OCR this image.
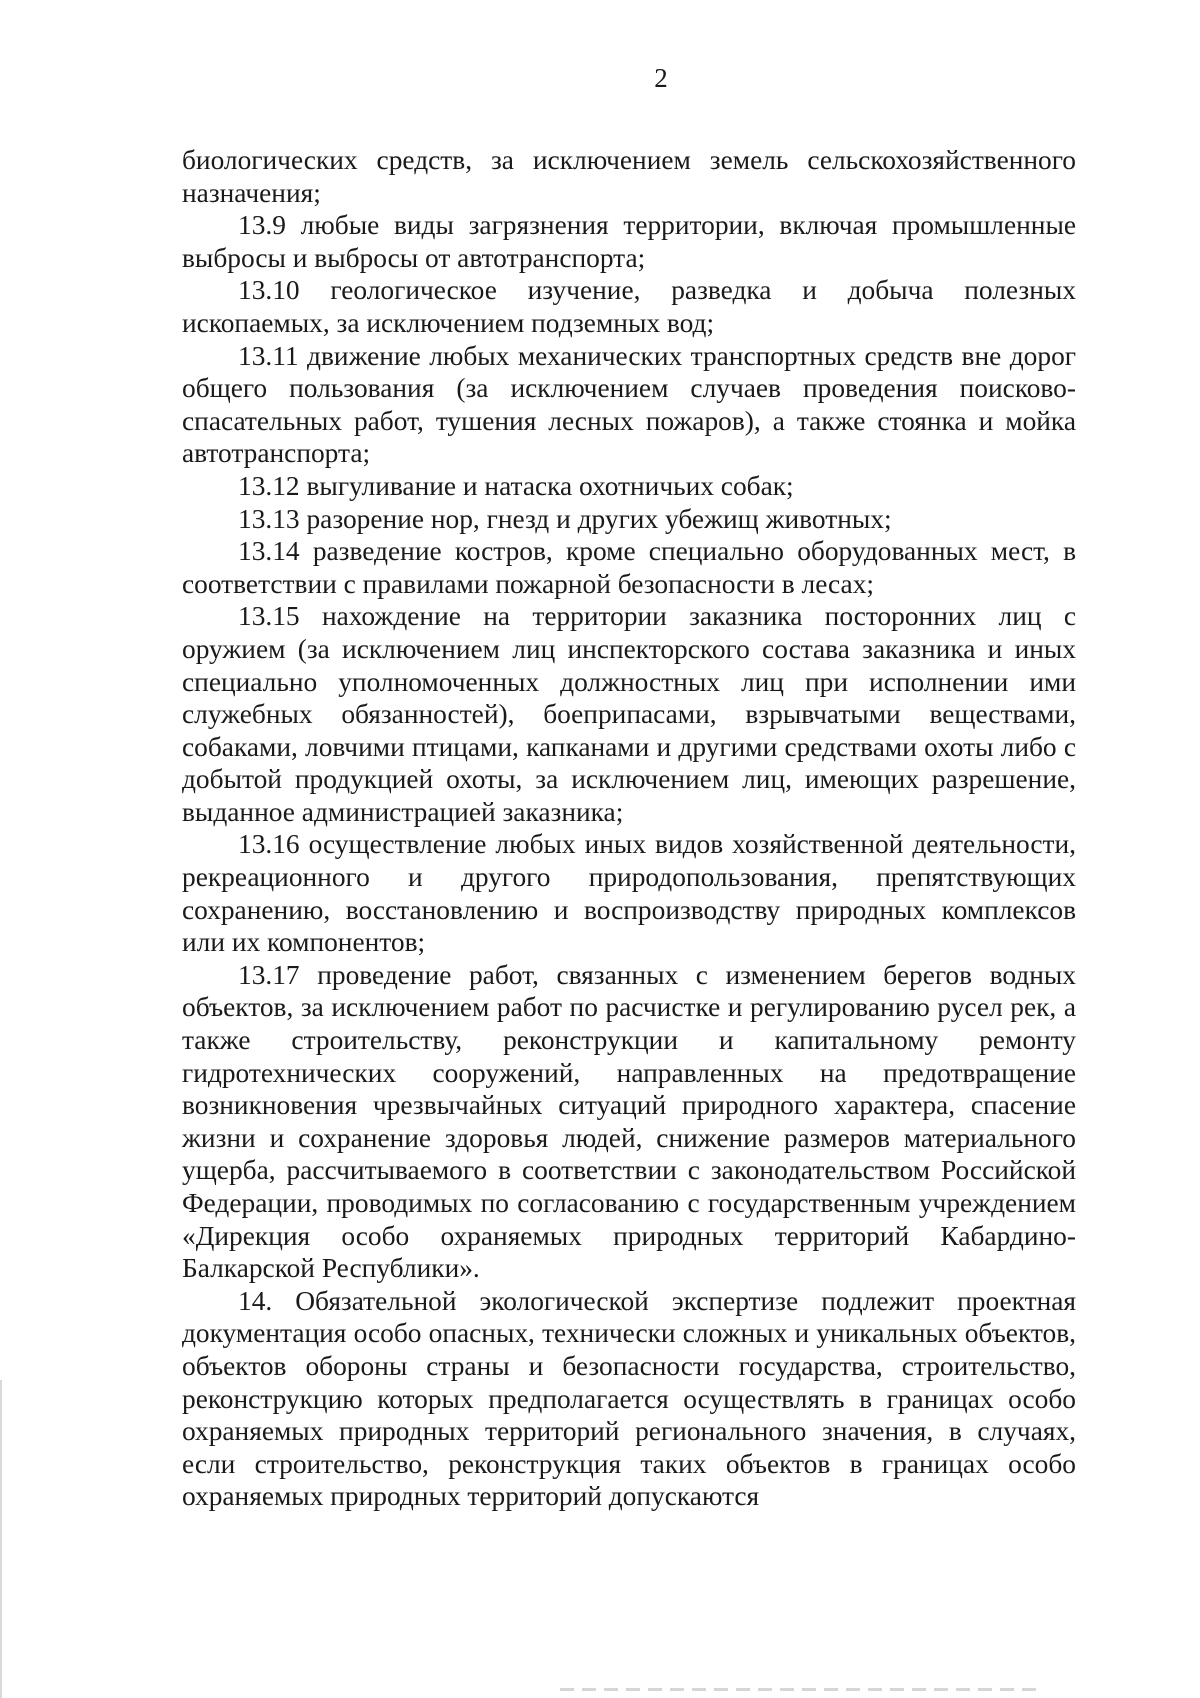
2

биологических средств, за исключением земель сельскохозяйственного назначения;

13.9 любые виды загрязнения территории, включая промышленные выбросы и выбросы от автотранспорта;

13.10 геологическое изучение, разведка и добыча полезных ископаемых, за исключением подземных вод;

13.11 движение любых механических транспортных средств вне дорог общего пользования (за исключением случаев проведения поисково-спасательных работ, тушения лесных пожаров), а также стоянка и мойка автотранспорта;

13.12 выгуливание и натаска охотничьих собак;

13.13 разорение нор, гнезд и других убежищ животных;

13.14 разведение костров, кроме специально оборудованных мест, в соответствии с правилами пожарной безопасности в лесах;

13.15 нахождение на территории заказника посторонних лиц с оружием (за исключением лиц инспекторского состава заказника и иных специально уполномоченных должностных лиц при исполнении ими служебных обязанностей), боеприпасами, взрывчатыми веществами, собаками, ловчими птицами, капканами и другими средствами охоты либо с добытой продукцией охоты, за исключением лиц, имеющих разрешение, выданное администрацией заказника;

13.16 осуществление любых иных видов хозяйственной деятельности, рекреационного и другого природопользования, препятствующих сохранению, восстановлению и воспроизводству природных комплексов или их компонентов;

13.17 проведение работ, связанных с изменением берегов водных объектов, за исключением работ по расчистке и регулированию русел рек, а также строительству, реконструкции и капитальному ремонту гидротехнических сооружений, направленных на предотвращение возникновения чрезвычайных ситуаций природного характера, спасение жизни и сохранение здоровья людей, снижение размеров материального ущерба, рассчитываемого в соответствии с законодательством Российской Федерации, проводимых по согласованию с государственным учреждением «Дирекция особо охраняемых природных территорий Кабардино-Балкарской Республики».

14. Обязательной экологической экспертизе подлежит проектная документация особо опасных, технически сложных и уникальных объектов, объектов обороны страны и безопасности государства, строительство, реконструкцию которых предполагается осуществлять в границах особо охраняемых природных территорий регионального значения, в случаях, если строительство, реконструкция таких объектов в границах особо охраняемых природных территорий допускаются
